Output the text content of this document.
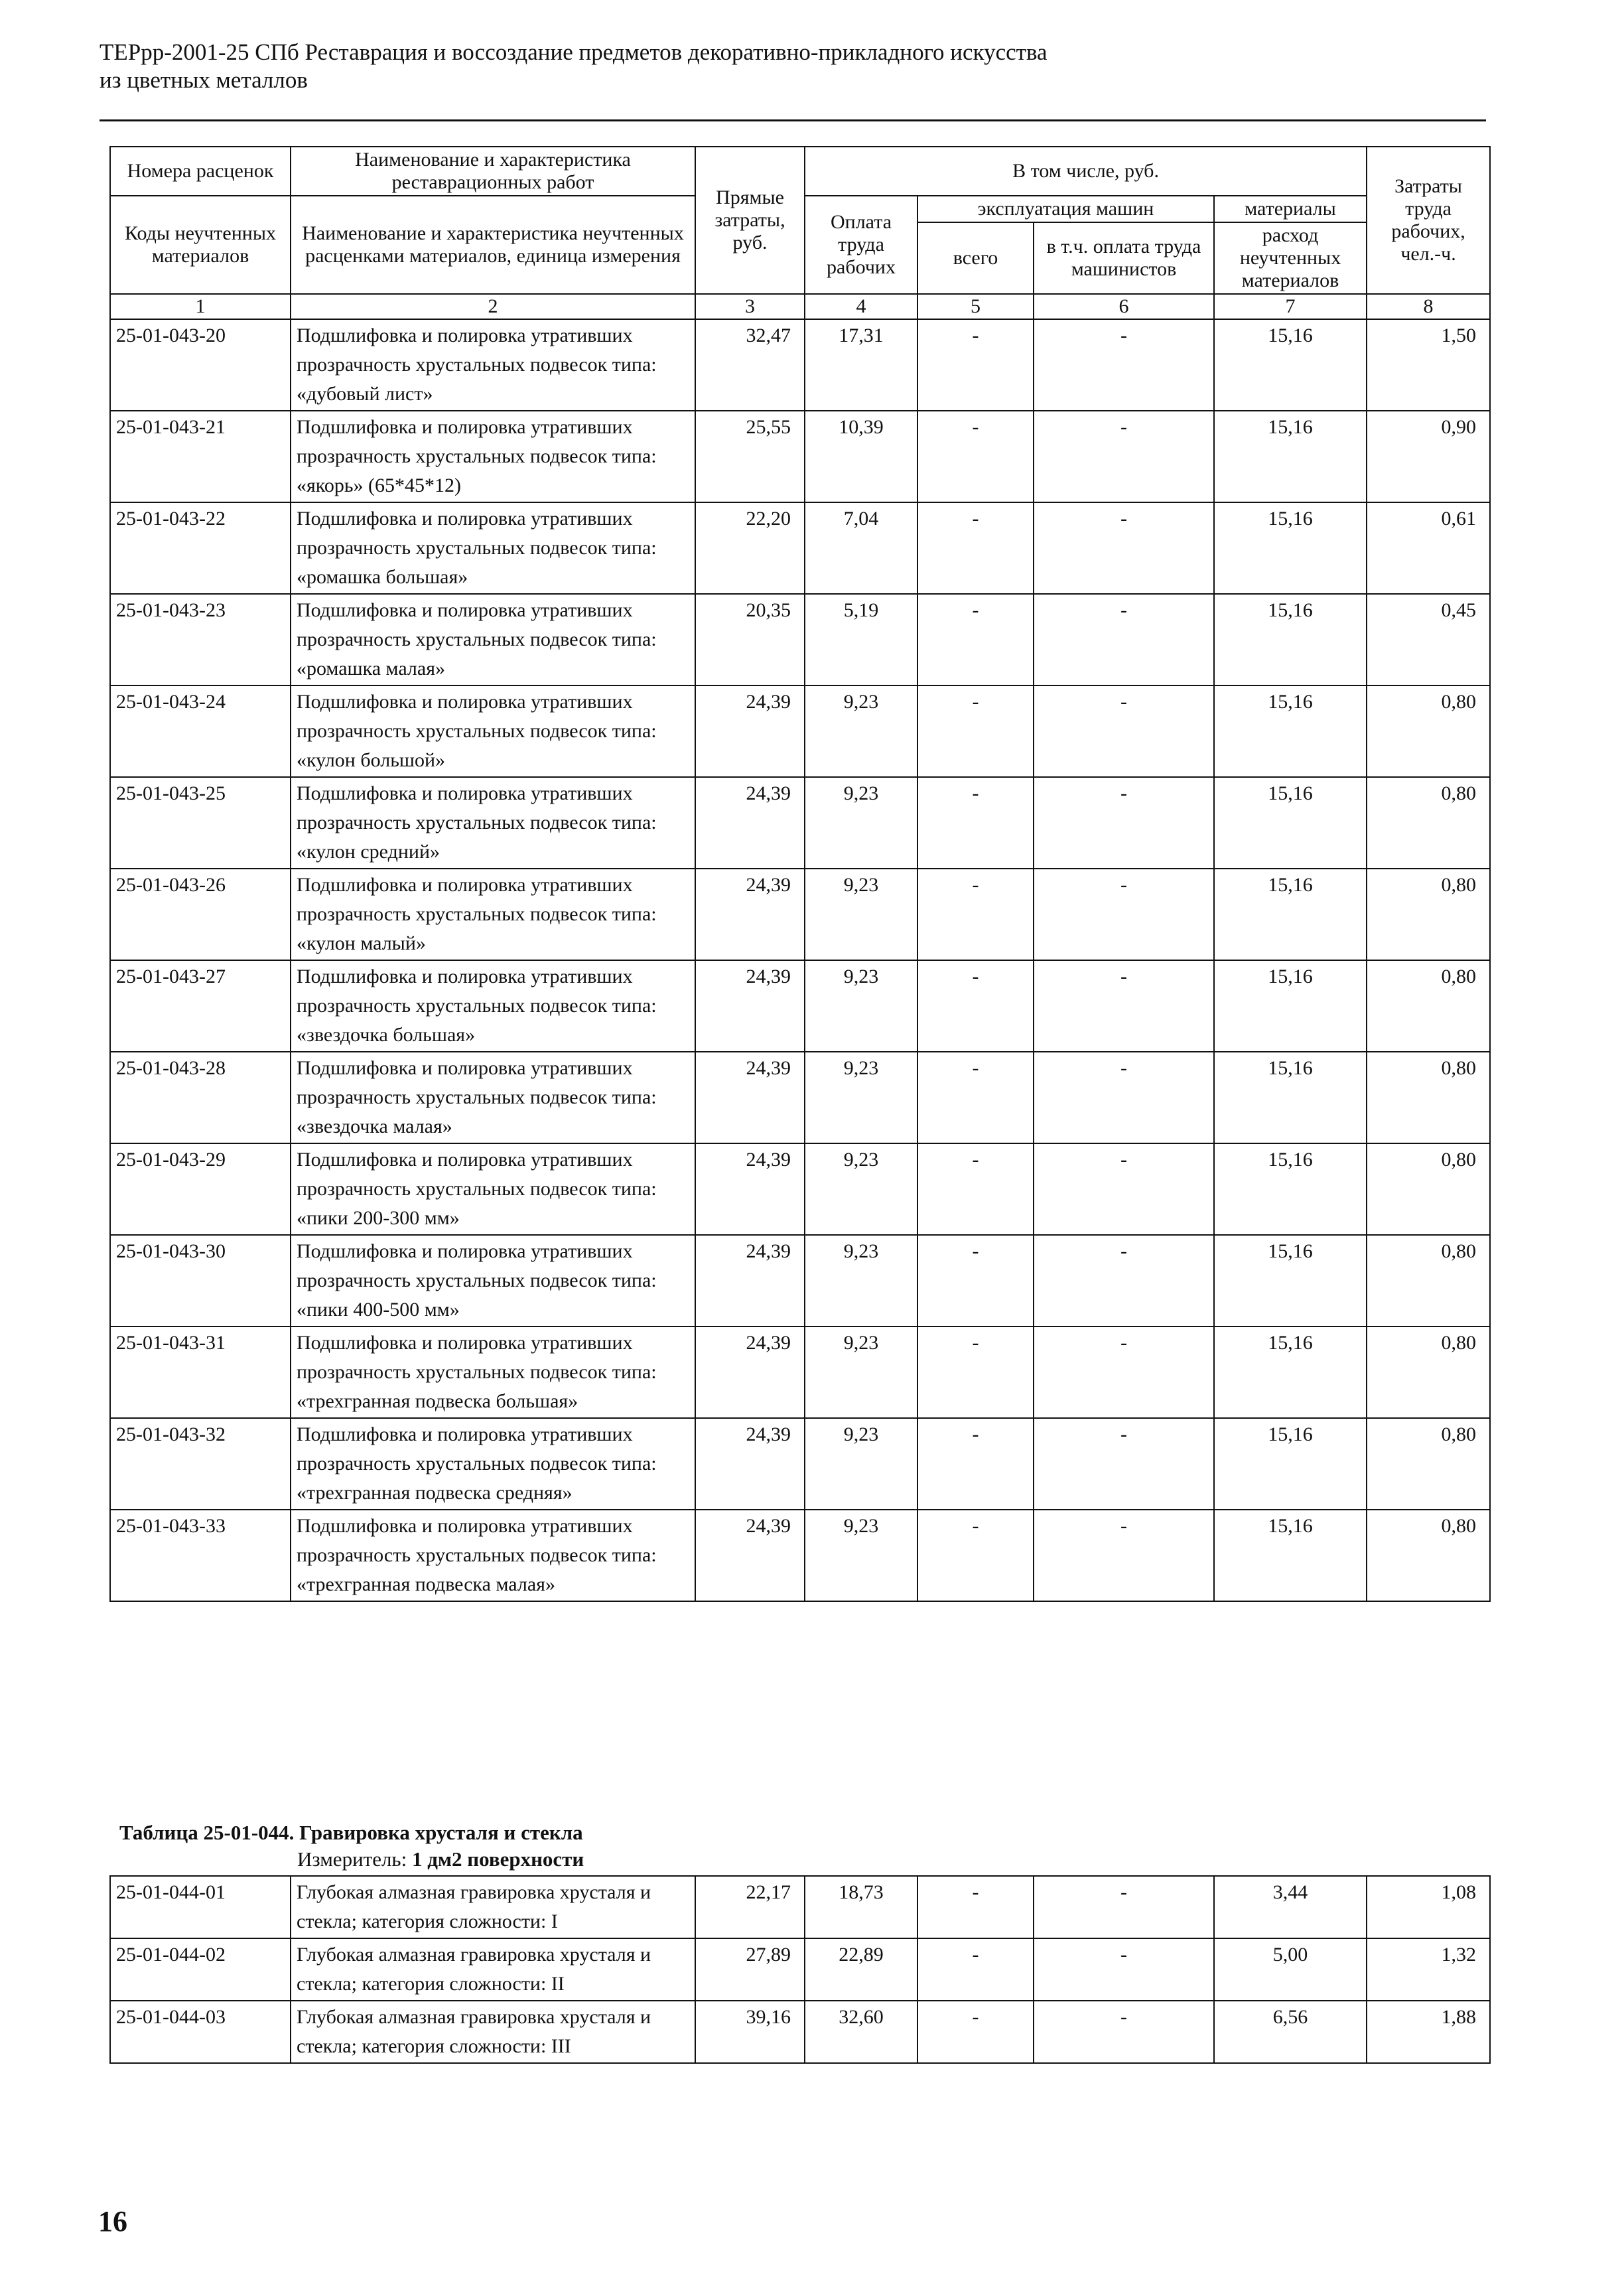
ТЕРрр-2001-25 СПб Реставрация и воссоздание предметов декоративно-прикладного искусства
из цветных металлов
Номера расценок	Наименование и характеристика реставрационных работ	Прямые затраты, руб.	В том числе, руб.				Затраты труда рабочих, чел.-ч.
Коды неучтенных материалов	Наименование и характеристика неучтенных расценками материалов, единица измерения		Оплата труда рабочих	эксплуатация машин		материалы	
				всего	в т.ч. оплата труда машинистов	расход неучтенных материалов	

1	2	3	4	5	6	7	8
25-01-043-20	Подшлифовка и полировка утративших прозрачность хрустальных подвесок типа: «дубовый лист»	32,47	17,31	-	-	15,16	1,50
25-01-043-21	Подшлифовка и полировка утративших прозрачность хрустальных подвесок типа: «якорь» (65*45*12)	25,55	10,39	-	-	15,16	0,90
25-01-043-22	Подшлифовка и полировка утративших прозрачность хрустальных подвесок типа: «ромашка большая»	22,20	7,04	-	-	15,16	0,61
25-01-043-23	Подшлифовка и полировка утративших прозрачность хрустальных подвесок типа: «ромашка малая»	20,35	5,19	-	-	15,16	0,45
25-01-043-24	Подшлифовка и полировка утративших прозрачность хрустальных подвесок типа: «кулон большой»	24,39	9,23	-	-	15,16	0,80
25-01-043-25	Подшлифовка и полировка утративших прозрачность хрустальных подвесок типа: «кулон средний»	24,39	9,23	-	-	15,16	0,80
25-01-043-26	Подшлифовка и полировка утративших прозрачность хрустальных подвесок типа: «кулон малый»	24,39	9,23	-	-	15,16	0,80
25-01-043-27	Подшлифовка и полировка утративших прозрачность хрустальных подвесок типа: «звездочка большая»	24,39	9,23	-	-	15,16	0,80
25-01-043-28	Подшлифовка и полировка утративших прозрачность хрустальных подвесок типа: «звездочка малая»	24,39	9,23	-	-	15,16	0,80
25-01-043-29	Подшлифовка и полировка утративших прозрачность хрустальных подвесок типа: «пики 200-300 мм»	24,39	9,23	-	-	15,16	0,80
25-01-043-30	Подшлифовка и полировка утративших прозрачность хрустальных подвесок типа: «пики 400-500 мм»	24,39	9,23	-	-	15,16	0,80
25-01-043-31	Подшлифовка и полировка утративших прозрачность хрустальных подвесок типа: «трехгранная подвеска большая»	24,39	9,23	-	-	15,16	0,80
25-01-043-32	Подшлифовка и полировка утративших прозрачность хрустальных подвесок типа: «трехгранная подвеска средняя»	24,39	9,23	-	-	15,16	0,80
25-01-043-33	Подшлифовка и полировка утративших прозрачность хрустальных подвесок типа: «трехгранная подвеска малая»	24,39	9,23	-	-	15,16	0,80
Таблица 25-01-044. Гравировка хрусталя и стекла
Измеритель: 1 дм2 поверхности
25-01-044-01	Глубокая алмазная гравировка хрусталя и стекла; категория сложности: I	22,17	18,73	-	-	3,44	1,08
25-01-044-02	Глубокая алмазная гравировка хрусталя и стекла; категория сложности: II	27,89	22,89	-	-	5,00	1,32
25-01-044-03	Глубокая алмазная гравировка хрусталя и стекла; категория сложности: III	39,16	32,60	-	-	6,56	1,88
16
